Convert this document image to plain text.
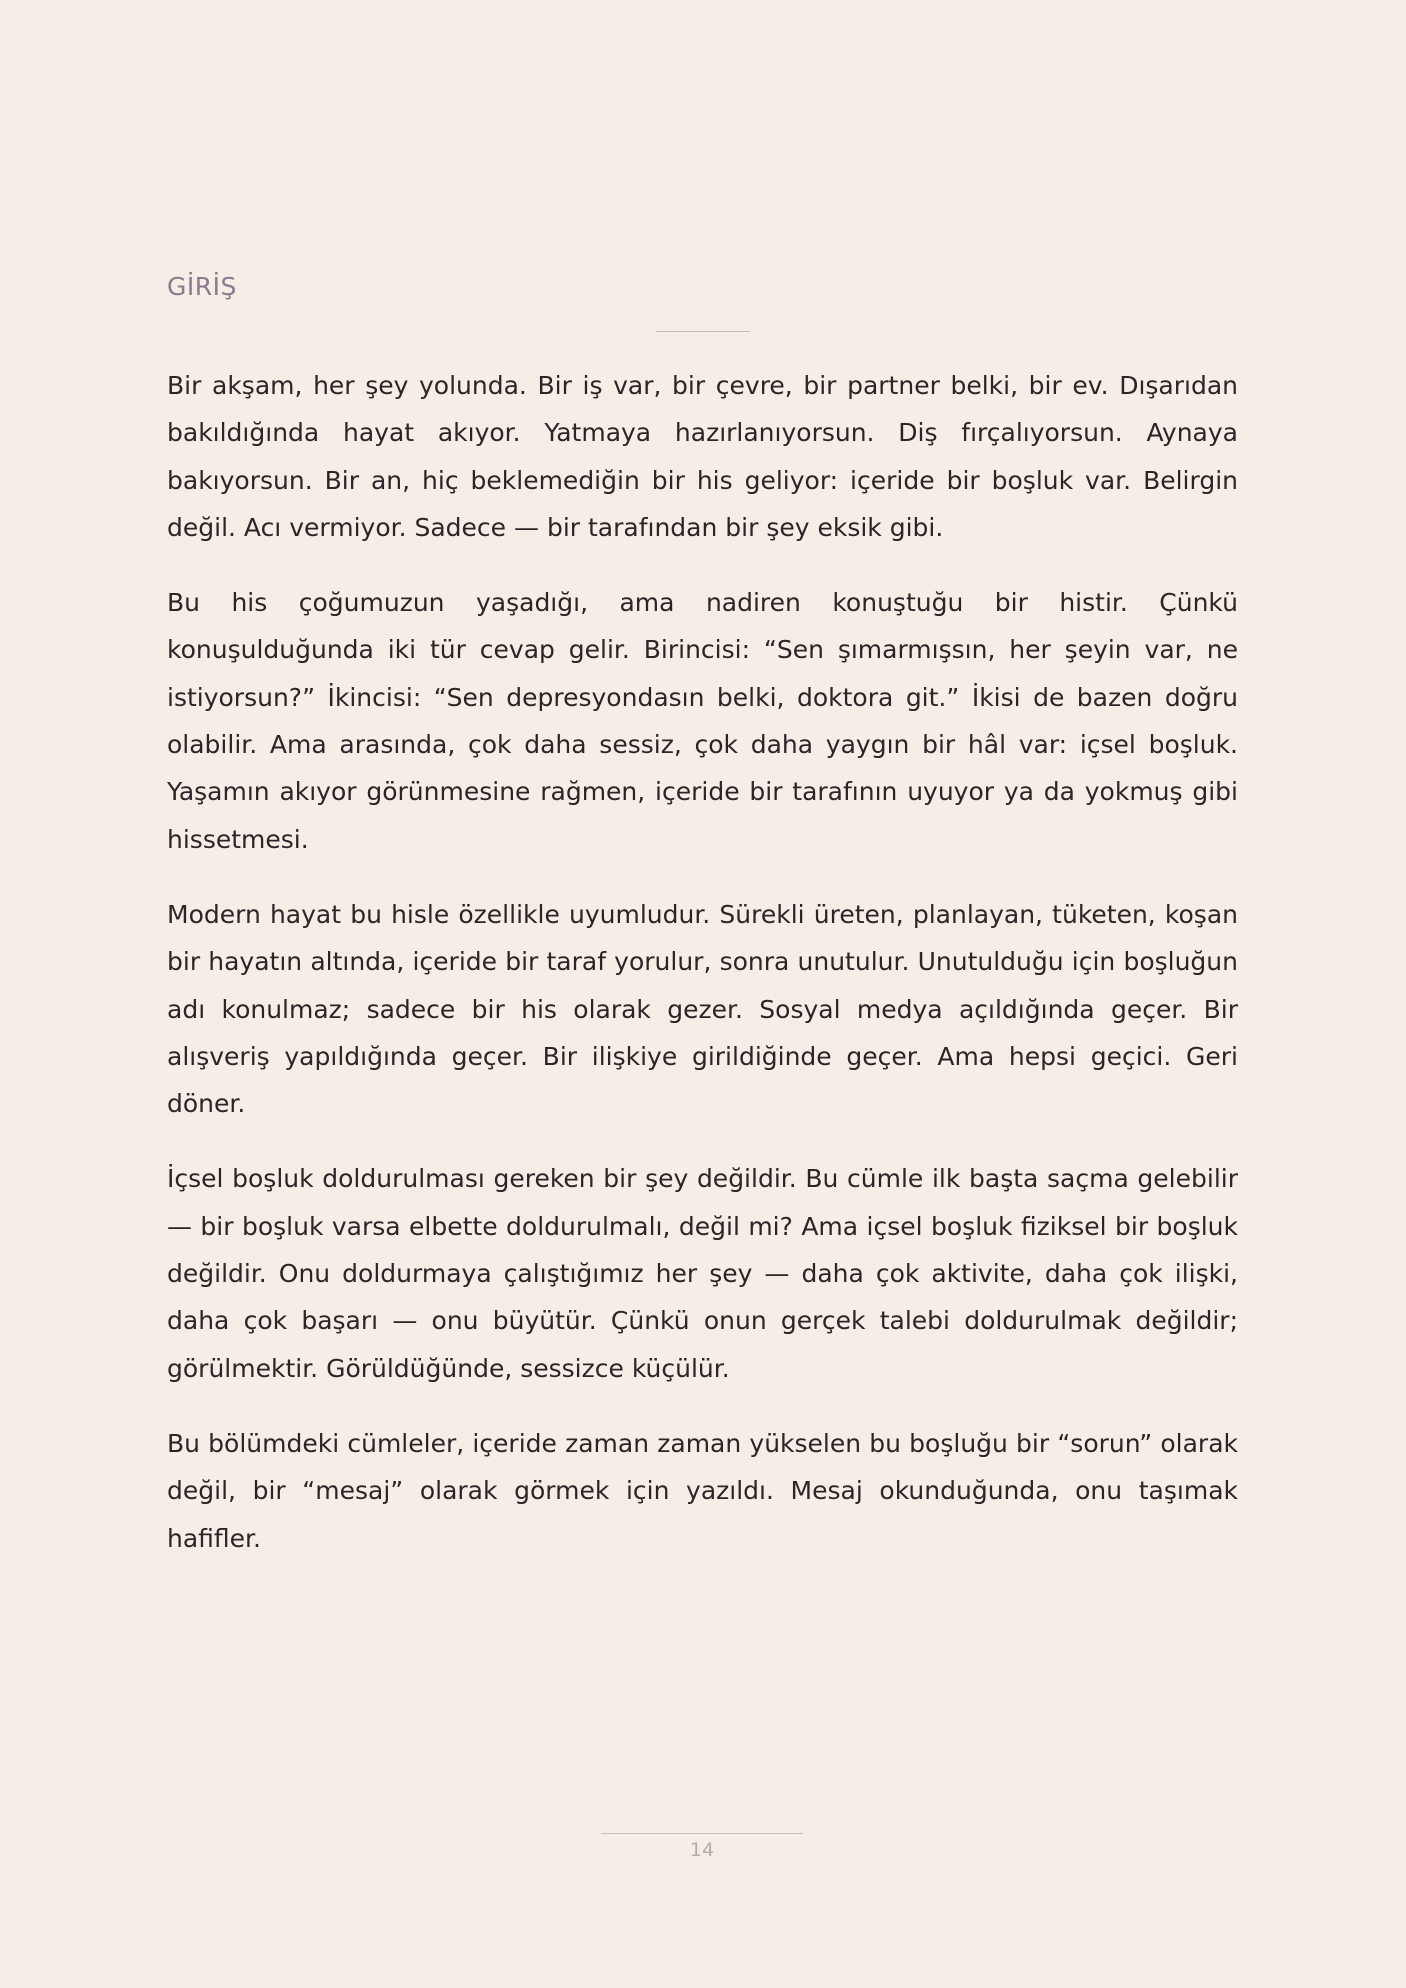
GİRİŞ

Bir akşam, her şey yolunda. Bir iş var, bir çevre, bir partner belki, bir ev. Dışarıdan bakıldığında hayat akıyor. Yatmaya hazırlanıyorsun. Diş fırçalıyorsun. Aynaya bakıyorsun. Bir an, hiç beklemediğin bir his geliyor: içeride bir boşluk var. Belirgin değil. Acı vermiyor. Sadece — bir tarafından bir şey eksik gibi.

Bu his çoğumuzun yaşadığı, ama nadiren konuştuğu bir histir. Çünkü konuşulduğunda iki tür cevap gelir. Birincisi: “Sen şımarmışsın, her şeyin var, ne istiyorsun?” İkincisi: “Sen depresyondasın belki, doktora git.” İkisi de bazen doğru olabilir. Ama arasında, çok daha sessiz, çok daha yaygın bir hâl var: içsel boşluk. Yaşamın akıyor görünmesine rağmen, içeride bir tarafının uyuyor ya da yokmuş gibi hissetmesi.

Modern hayat bu hisle özellikle uyumludur. Sürekli üreten, planlayan, tüketen, koşan bir hayatın altında, içeride bir taraf yorulur, sonra unutulur. Unutulduğu için boşluğun adı konulmaz; sadece bir his olarak gezer. Sosyal medya açıldığında geçer. Bir alışveriş yapıldığında geçer. Bir ilişkiye girildiğinde geçer. Ama hepsi geçici. Geri döner.

İçsel boşluk doldurulması gereken bir şey değildir. Bu cümle ilk başta saçma gelebilir — bir boşluk varsa elbette doldurulmalı, değil mi? Ama içsel boşluk fiziksel bir boşluk değildir. Onu doldurmaya çalıştığımız her şey — daha çok aktivite, daha çok ilişki, daha çok başarı — onu büyütür. Çünkü onun gerçek talebi doldurulmak değildir; görülmektir. Görüldüğünde, sessizce küçülür.

Bu bölümdeki cümleler, içeride zaman zaman yükselen bu boşluğu bir “sorun” olarak değil, bir “mesaj” olarak görmek için yazıldı. Mesaj okunduğunda, onu taşımak hafifler.

14
